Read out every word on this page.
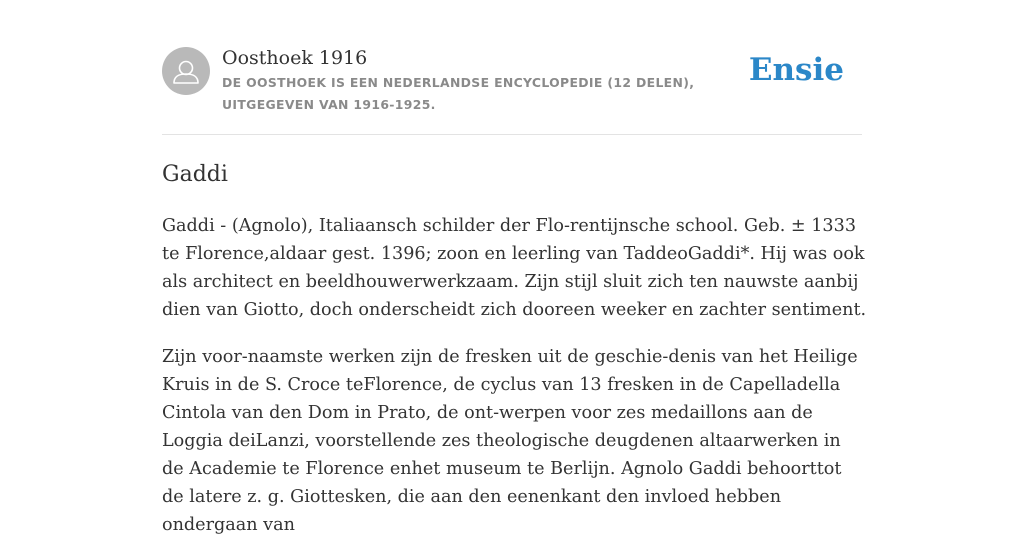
Oosthoek 1916
DE OOSTHOEK IS EEN NEDERLANDSE ENCYCLOPEDIE (12 DELEN), UITGEGEVEN VAN 1916-1925.
Ensie
Gaddi

Gaddi - (Agnolo), Italiaansch schilder der Flo-rentijnsche school. Geb. ± 1333 te Florence,aldaar gest. 1396; zoon en leerling van TaddeoGaddi*. Hij was ook als architect en beeldhouwerwerkzaam. Zijn stijl sluit zich ten nauwste aanbij dien van Giotto, doch onderscheidt zich dooreen weeker en zachter sentiment.

Zijn voor-naamste werken zijn de fresken uit de geschie-denis van het Heilige Kruis in de S. Croce teFlorence, de cyclus van 13 fresken in de Capelladella Cintola van den Dom in Prato, de ont-werpen voor zes medaillons aan de Loggia deiLanzi, voorstellende zes theologische deugdenen altaarwerken in de Academie te Florence enhet museum te Berlijn. Agnolo Gaddi behoorttot de latere z. g. Giottesken, die aan den eenenkant den invloed hebben ondergaan van
